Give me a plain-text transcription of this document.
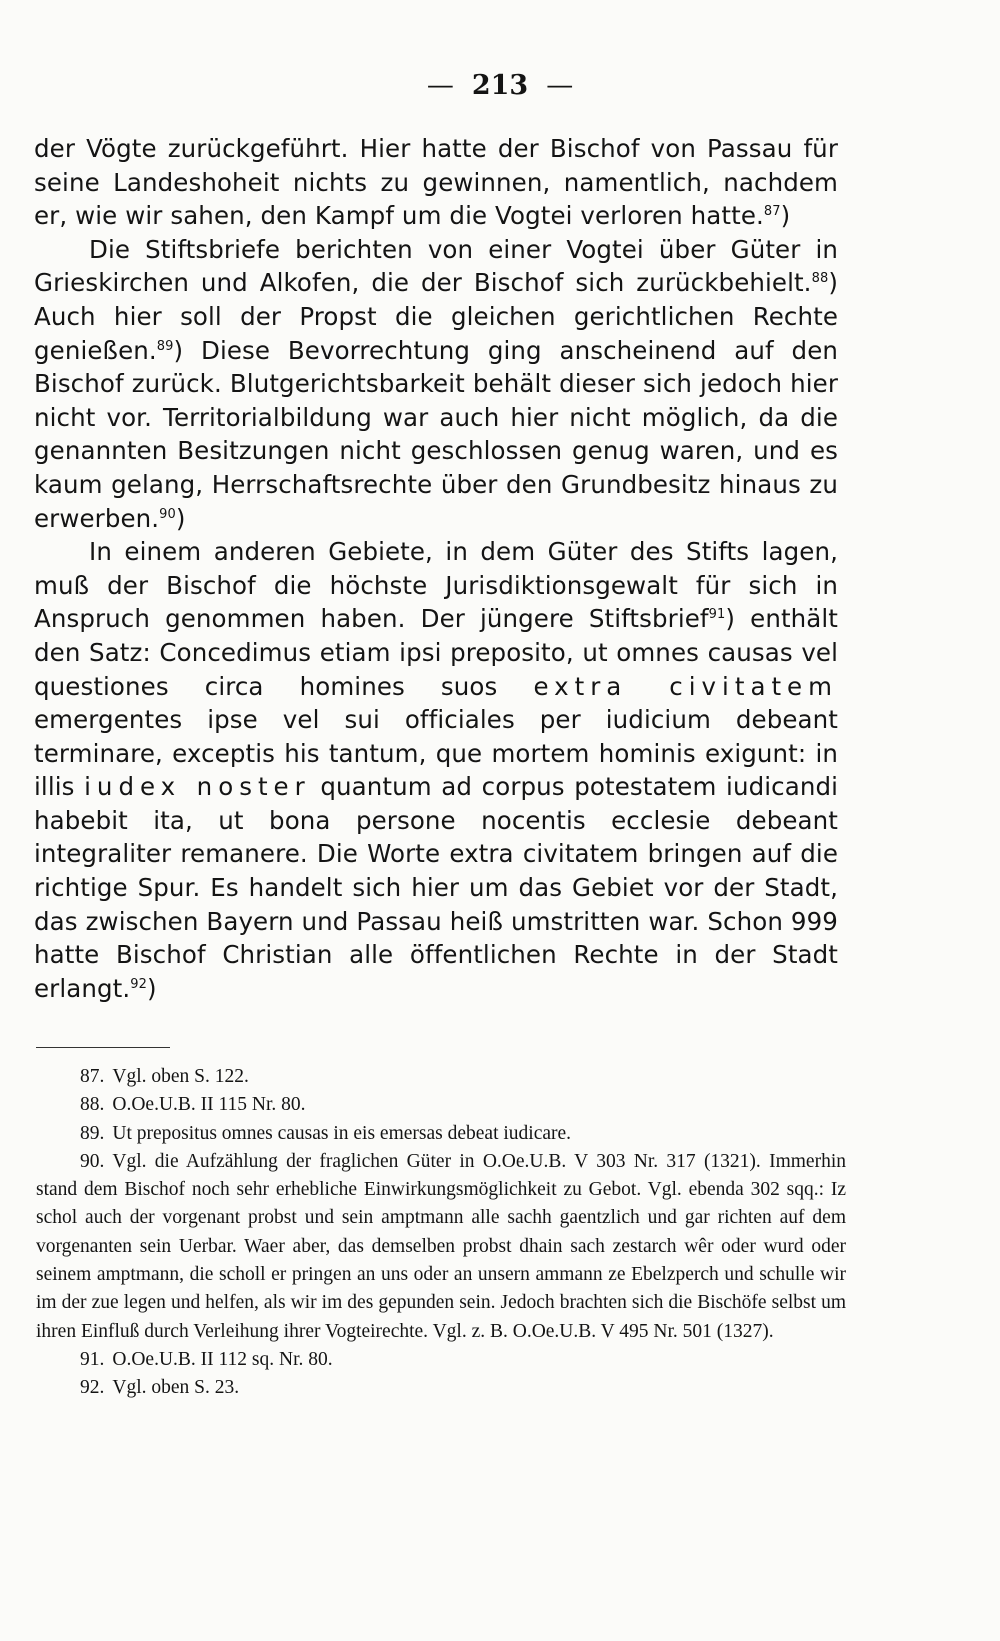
— 213 —

der Vögte zurückgeführt. Hier hatte der Bischof von Passau für seine Landeshoheit nichts zu gewinnen, namentlich, nachdem er, wie wir sahen, den Kampf um die Vogtei verloren hatte.$^{87}$)

Die Stiftsbriefe berichten von einer Vogtei über Güter in Grieskirchen und Alkofen, die der Bischof sich zurückbehielt.$^{88}$) Auch hier soll der Propst die gleichen gerichtlichen Rechte genießen.$^{89}$) Diese Bevorrechtung ging anscheinend auf den Bischof zurück. Blutgerichtsbarkeit behält dieser sich jedoch hier nicht vor. Territorialbildung war auch hier nicht möglich, da die genannten Besitzungen nicht geschlossen genug waren, und es kaum gelang, Herrschaftsrechte über den Grundbesitz hinaus zu erwerben.$^{90}$)

In einem anderen Gebiete, in dem Güter des Stifts lagen, muß der Bischof die höchste Jurisdiktionsgewalt für sich in Anspruch genommen haben. Der jüngere Stiftsbrief$^{91}$) enthält den Satz: Concedimus etiam ipsi preposito, ut omnes causas vel questiones circa homines suos extra civitatem emergentes ipse vel sui officiales per iudicium debeant terminare, exceptis his tantum, que mortem hominis exigunt: in illis iudex noster quantum ad corpus potestatem iudicandi habebit ita, ut bona persone nocentis ecclesie debeant integraliter remanere. Die Worte extra civitatem bringen auf die richtige Spur. Es handelt sich hier um das Gebiet vor der Stadt, das zwischen Bayern und Passau heiß umstritten war. Schon 999 hatte Bischof Christian alle öffentlichen Rechte in der Stadt erlangt.$^{92}$)

87. Vgl. oben S. 122.

88. O.Oe.U.B. II 115 Nr. 80.

89. Ut prepositus omnes causas in eis emersas debeat iudicare.

90. Vgl. die Aufzählung der fraglichen Güter in O.Oe.U.B. V 303 Nr. 317 (1321). Immerhin stand dem Bischof noch sehr erhebliche Einwirkungsmöglichkeit zu Gebot. Vgl. ebenda 302 sqq.: Iz schol auch der vorgenant probst und sein amptmann alle sachh gaentzlich und gar richten auf dem vorgenanten sein Uerbar. Waer aber, das demselben probst dhain sach zestarch wêr oder wurd oder seinem amptmann, die scholl er pringen an uns oder an unsern ammann ze Ebelzperch und schulle wir im der zue legen und helfen, als wir im des gepunden sein. Jedoch brachten sich die Bischöfe selbst um ihren Einfluß durch Verleihung ihrer Vogteirechte. Vgl. z. B. O.Oe.U.B. V 495 Nr. 501 (1327).

91. O.Oe.U.B. II 112 sq. Nr. 80.

92. Vgl. oben S. 23.
